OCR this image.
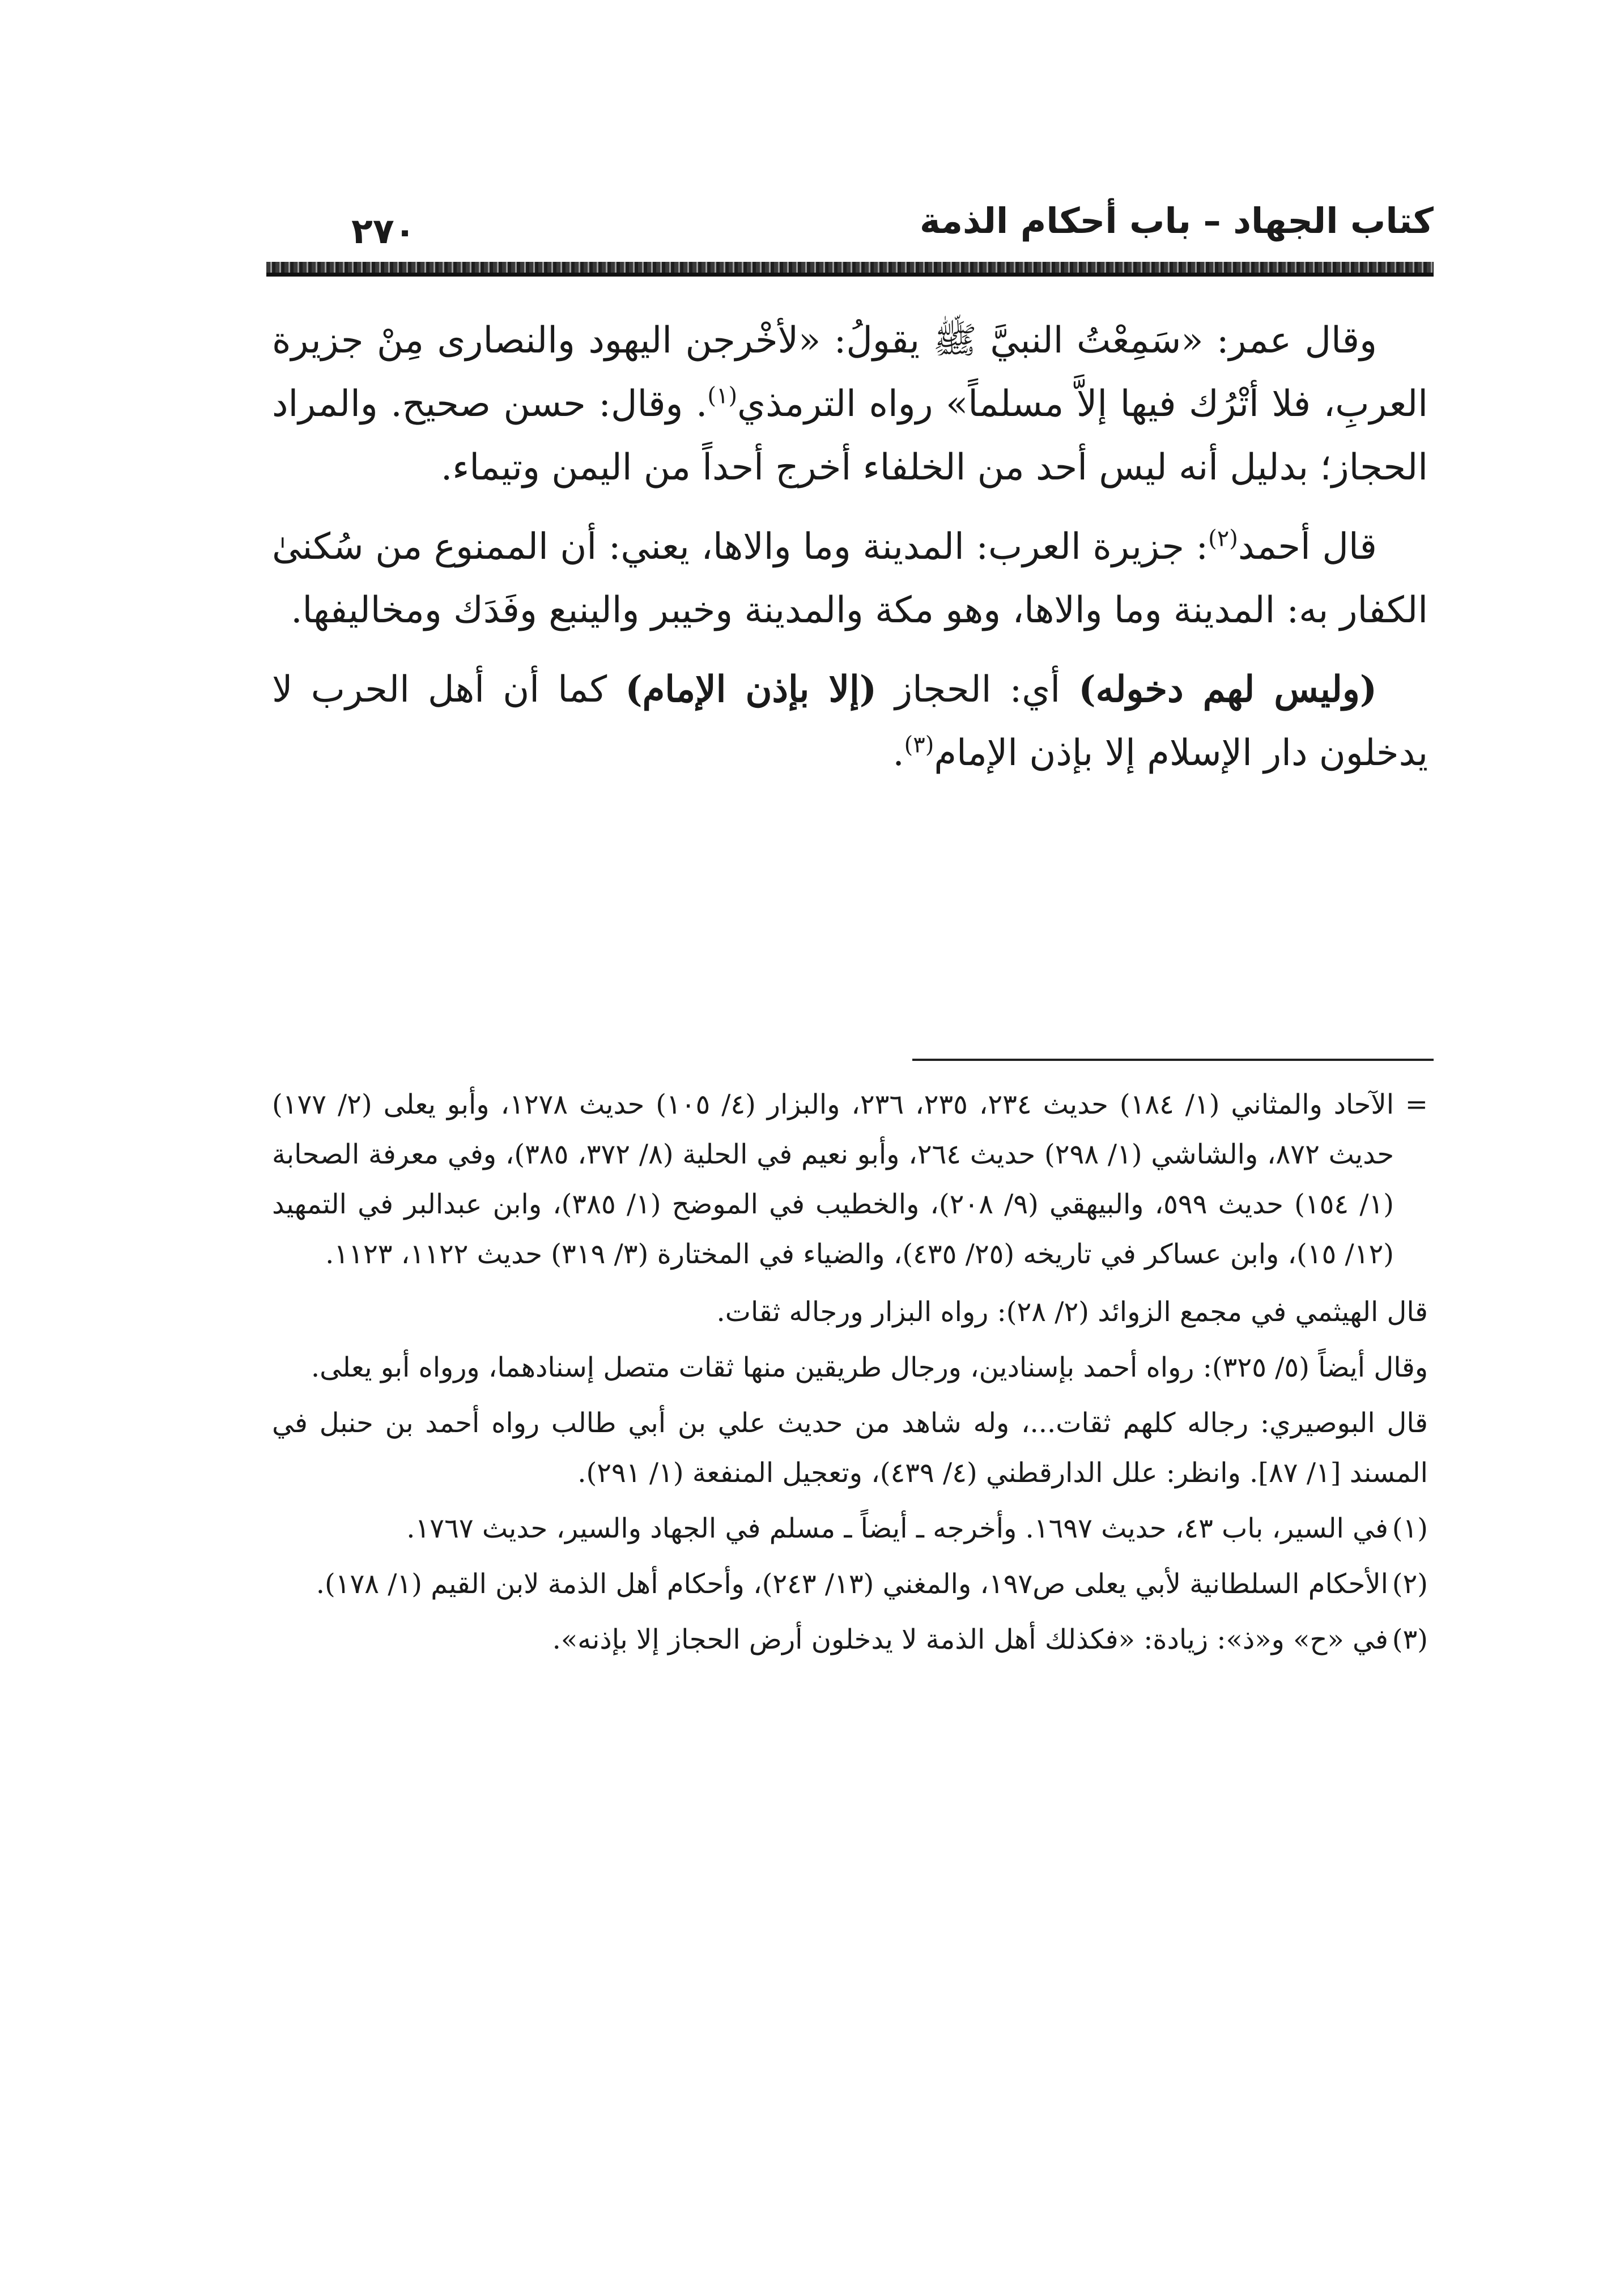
كتاب الجهاد – باب أحكام الذمة
٢٧٠

وقال عمر: «سَمِعْتُ النبيَّ ﷺ يقولُ: «لأخْرجن اليهود والنصارى مِنْ جزيرة العربِ، فلا أتْرُك فيها إلاَّ مسلماً» رواه الترمذي$^{(١)}$. وقال: حسن صحيح. والمراد الحجاز؛ بدليل أنه ليس أحد من الخلفاء أخرج أحداً من اليمن وتيماء.

قال أحمد$^{(٢)}$: جزيرة العرب: المدينة وما والاها، يعني: أن الممنوع من سُكنىٰ الكفار به: المدينة وما والاها، وهو مكة والمدينة وخيبر والينبع وفَدَك ومخاليفها.

(وليس لهم دخوله) أي: الحجاز (إلا بإذن الإمام) كما أن أهل الحرب لا يدخلون دار الإسلام إلا بإذن الإمام$^{(٣)}$.

=
الآحاد والمثاني (١/ ١٨٤) حديث ٢٣٤، ٢٣٥، ٢٣٦، والبزار (٤/ ١٠٥) حديث ١٢٧٨، وأبو يعلى (٢/ ١٧٧) حديث ٨٧٢، والشاشي (١/ ٢٩٨) حديث ٢٦٤، وأبو نعيم في الحلية (٨/ ٣٧٢، ٣٨٥)، وفي معرفة الصحابة (١/ ١٥٤) حديث ٥٩٩، والبيهقي (٩/ ٢٠٨)، والخطيب في الموضح (١/ ٣٨٥)، وابن عبدالبر في التمهيد (١٢/ ١٥)، وابن عساكر في تاريخه (٢٥/ ٤٣٥)، والضياء في المختارة (٣/ ٣١٩) حديث ١١٢٢، ١١٢٣.
قال الهيثمي في مجمع الزوائد (٢/ ٢٨): رواه البزار ورجاله ثقات.
وقال أيضاً (٥/ ٣٢٥): رواه أحمد بإسنادين، ورجال طريقين منها ثقات متصل إسنادهما، ورواه أبو يعلى.
قال البوصيري: رجاله كلهم ثقات...، وله شاهد من حديث علي بن أبي طالب رواه أحمد بن حنبل في المسند [١/ ٨٧]. وانظر: علل الدارقطني (٤/ ٤٣٩)، وتعجيل المنفعة (١/ ٢٩١).
(١)
في السير، باب ٤٣، حديث ١٦٩٧. وأخرجه ـ أيضاً ـ مسلم في الجهاد والسير، حديث ١٧٦٧.
(٢)
الأحكام السلطانية لأبي يعلى ص١٩٧، والمغني (١٣/ ٢٤٣)، وأحكام أهل الذمة لابن القيم (١/ ١٧٨).
(٣)
في «ح» و«ذ»: زيادة: «فكذلك أهل الذمة لا يدخلون أرض الحجاز إلا بإذنه».
